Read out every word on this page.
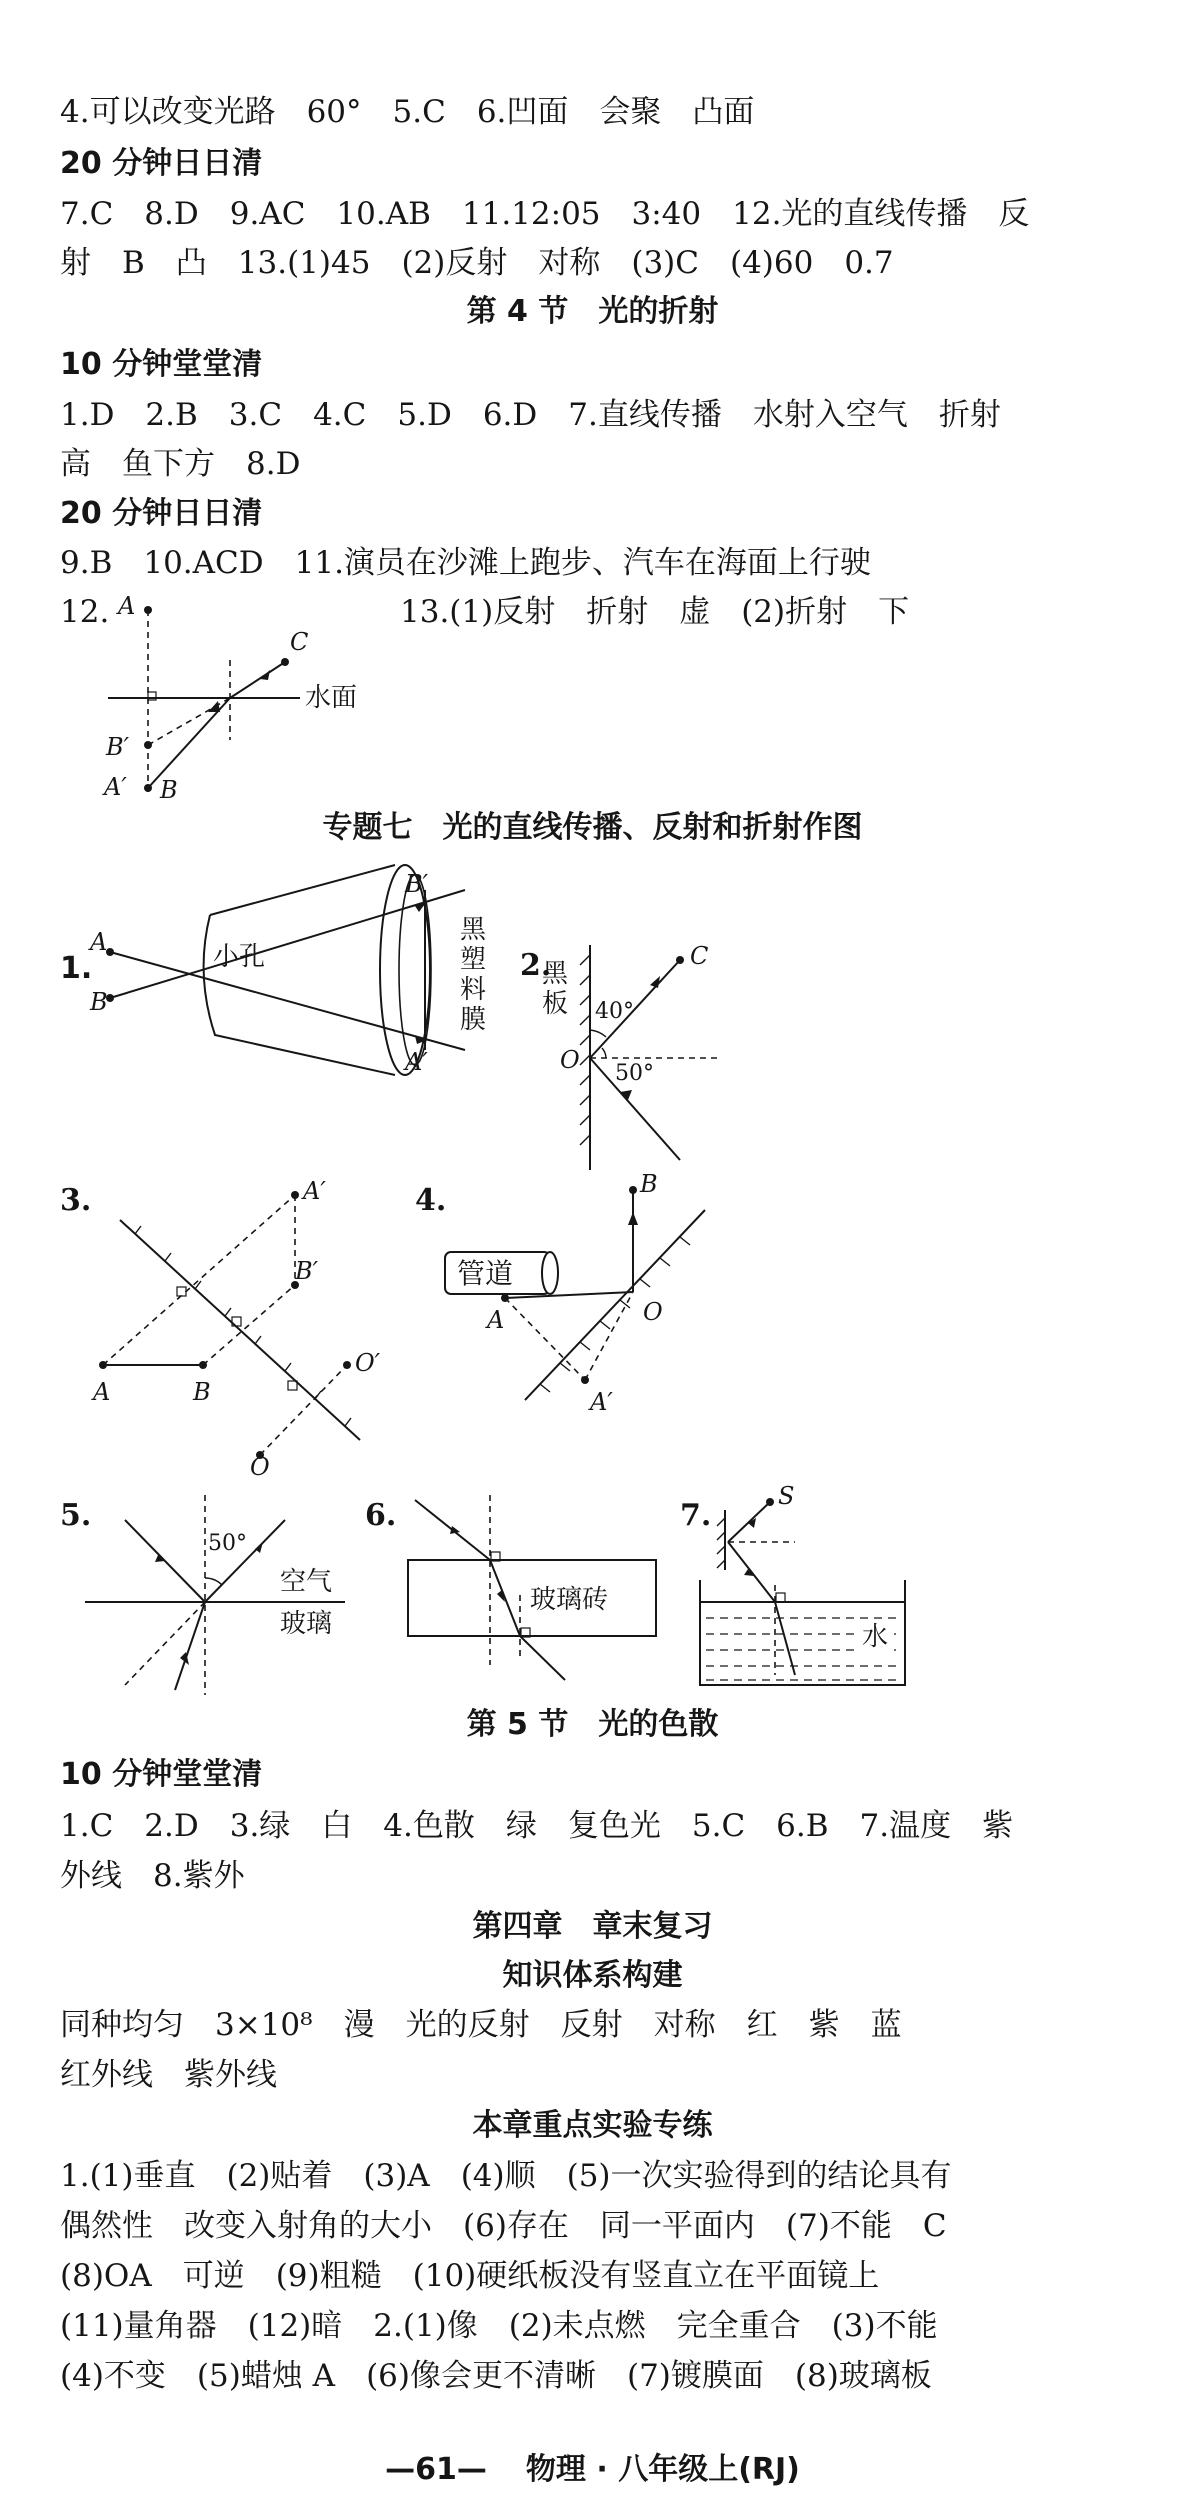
4.可以改变光路　60°　5.C　6.凹面　会聚　凸面
20 分钟日日清
7.C　8.D　9.AC　10.AB　11.12:05　3:40　12.光的直线传播　反
射　B　凸　13.(1)45　(2)反射　对称　(3)C　(4)60　0.7
第 4 节　光的折射
10 分钟堂堂清
1.D　2.B　3.C　4.C　5.D　6.D　7.直线传播　水射入空气　折射
高　鱼下方　8.D
20 分钟日日清
9.B　10.ACD　11.演员在沙滩上跑步、汽车在海面上行驶
12.	13.(1)反射　折射　虚　(2)折射　下
A
C
B′
A′ B
水面
专题七　光的直线传播、反射和折射作图
1.
A
B
小孔
B′
A′
黑
塑
料
膜
2.	C
O
黑
板 40°
50°
3.
A	B
A′
B′
O′
O
4.
管道
B
A	O
A′
5.
50°
空气
玻璃
6.
玻璃砖
7.
S
水
第 5 节　光的色散
10 分钟堂堂清
1.C　2.D　3.绿　白　4.色散　绿　复色光　5.C　6.B　7.温度　紫
外线　8.紫外
第四章　章末复习
知识体系构建
同种均匀　3×10⁸　漫　光的反射　反射　对称　红　紫　蓝
红外线　紫外线
本章重点实验专练
1.(1)垂直　(2)贴着　(3)A　(4)顺　(5)一次实验得到的结论具有
偶然性　改变入射角的大小　(6)存在　同一平面内　(7)不能　C
(8)OA　可逆　(9)粗糙　(10)硬纸板没有竖直立在平面镜上
(11)量角器　(12)暗　2.(1)像　(2)未点燃　完全重合　(3)不能
(4)不变　(5)蜡烛 A　(6)像会更不清晰　(7)镀膜面　(8)玻璃板
—61— 物理 · 八年级上(RJ)
